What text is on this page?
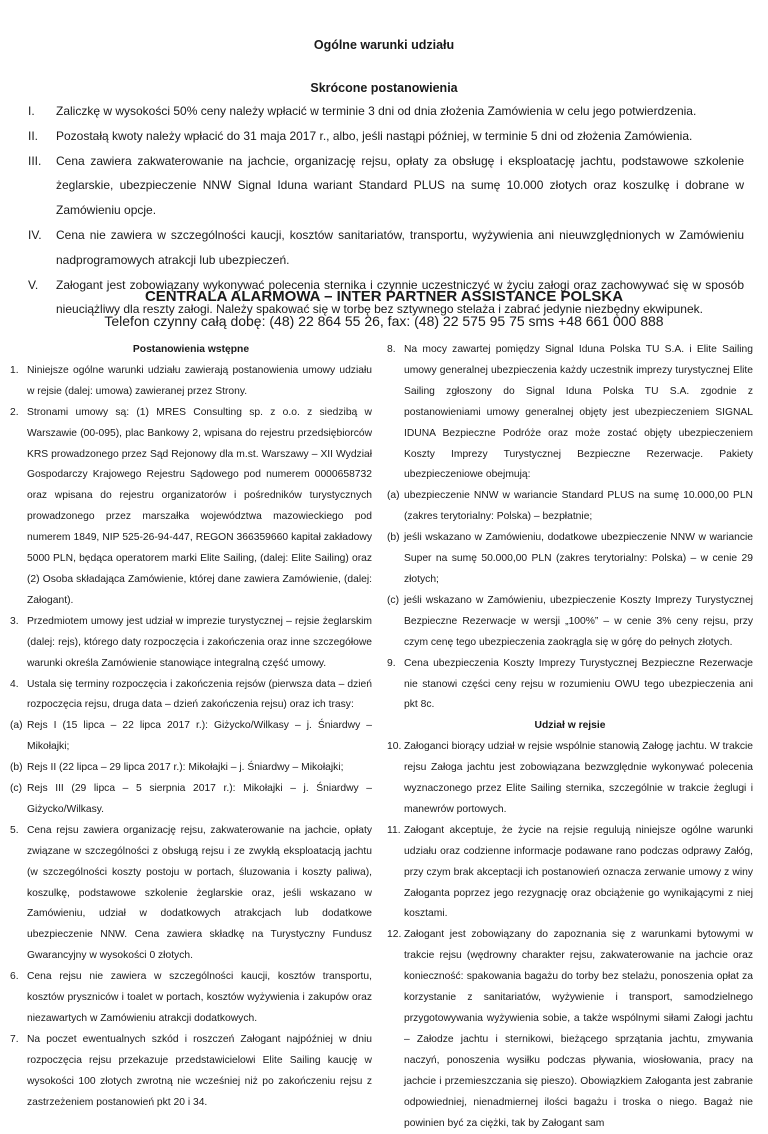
Ogólne warunki udziału
Skrócone postanowienia
I.	Zaliczkę w wysokości 50% ceny należy wpłacić w terminie 3 dni od dnia złożenia Zamówienia w celu jego potwierdzenia.
II.	Pozostałą kwoty należy wpłacić do 31 maja 2017 r., albo, jeśli nastąpi później, w terminie 5 dni od złożenia Zamówienia.
III.	Cena zawiera zakwaterowanie na jachcie, organizację rejsu, opłaty za obsługę i eksploatację jachtu, podstawowe szkolenie żeglarskie, ubezpieczenie NNW Signal Iduna wariant Standard PLUS na sumę 10.000 złotych oraz koszulkę i dobrane w Zamówieniu opcje.
IV.	Cena nie zawiera w szczególności kaucji, kosztów sanitariatów, transportu, wyżywienia ani nieuwzględnionych w Zamówieniu nadprogramowych atrakcji lub ubezpieczeń.
V.	Załogant jest zobowiązany wykonywać polecenia sternika i czynnie uczestniczyć w życiu załogi oraz zachowywać się w sposób nieuciążliwy dla reszty załogi. Należy spakować się w torbę bez sztywnego stelaża i zabrać jedynie niezbędny ekwipunek.
CENTRALA ALARMOWA – INTER PARTNER ASSISTANCE POLSKA
Telefon czynny całą dobę: (48) 22 864 55 26, fax: (48) 22 575 95 75 sms +48 661 000 888
Postanowienia wstępne
1. Niniejsze ogólne warunki udziału zawierają postanowienia umowy udziału w rejsie (dalej: umowa) zawieranej przez Strony.
2. Stronami umowy są: (1) MRES Consulting sp. z o.o. z siedzibą w Warszawie (00-095), plac Bankowy 2, wpisana do rejestru przedsiębiorców KRS prowadzonego przez Sąd Rejonowy dla m.st. Warszawy – XII Wydział Gospodarczy Krajowego Rejestru Sądowego pod numerem 0000658732 oraz wpisana do rejestru organizatorów i pośredników turystycznych prowadzonego przez marszałka województwa mazowieckiego pod numerem 1849, NIP 525-26-94-447, REGON 366359660 kapitał zakładowy 5000 PLN, będąca operatorem marki Elite Sailing, (dalej: Elite Sailing) oraz (2) Osoba składająca Zamówienie, której dane zawiera Zamówienie, (dalej: Załogant).
3. Przedmiotem umowy jest udział w imprezie turystycznej – rejsie żeglarskim (dalej: rejs), którego daty rozpoczęcia i zakończenia oraz inne szczegółowe warunki określa Zamówienie stanowiące integralną część umowy.
4. Ustala się terminy rozpoczęcia i zakończenia rejsów (pierwsza data – dzień rozpoczęcia rejsu, druga data – dzień zakończenia rejsu) oraz ich trasy:
(a) Rejs I (15 lipca – 22 lipca 2017 r.): Giżycko/Wilkasy – j. Śniardwy – Mikołajki;
(b) Rejs II (22 lipca – 29 lipca 2017 r.): Mikołajki – j. Śniardwy – Mikołajki;
(c) Rejs III (29 lipca – 5 sierpnia 2017 r.): Mikołajki – j. Śniardwy – Giżycko/Wilkasy.
5. Cena rejsu zawiera organizację rejsu, zakwaterowanie na jachcie, opłaty związane w szczególności z obsługą rejsu i ze zwykłą eksploatacją jachtu (w szczególności koszty postoju w portach, śluzowania i koszty paliwa), koszulkę, podstawowe szkolenie żeglarskie oraz, jeśli wskazano w Zamówieniu, udział w dodatkowych atrakcjach lub dodatkowe ubezpieczenie NNW. Cena zawiera składkę na Turystyczny Fundusz Gwarancyjny w wysokości 0 złotych.
6. Cena rejsu nie zawiera w szczególności kaucji, kosztów transportu, kosztów pryszniców i toalet w portach, kosztów wyżywienia i zakupów oraz niezawartych w Zamówieniu atrakcji dodatkowych.
7. Na poczet ewentualnych szkód i roszczeń Załogant najpóźniej w dniu rozpoczęcia rejsu przekazuje przedstawicielowi Elite Sailing kaucję w wysokości 100 złotych zwrotną nie wcześniej niż po zakończeniu rejsu z zastrzeżeniem postanowień pkt 20 i 34.
8. Na mocy zawartej pomiędzy Signal Iduna Polska TU S.A. i Elite Sailing umowy generalnej ubezpieczenia każdy uczestnik imprezy turystycznej Elite Sailing zgłoszony do Signal Iduna Polska TU S.A. zgodnie z postanowieniami umowy generalnej objęty jest ubezpieczeniem SIGNAL IDUNA Bezpieczne Podróże oraz może zostać objęty ubezpieczeniem Koszty Imprezy Turystycznej Bezpieczne Rezerwacje. Pakiety ubezpieczeniowe obejmują:
(a) ubezpieczenie NNW w wariancie Standard PLUS na sumę 10.000,00 PLN (zakres terytorialny: Polska) – bezpłatnie;
(b) jeśli wskazano w Zamówieniu, dodatkowe ubezpieczenie NNW w wariancie Super na sumę 50.000,00 PLN (zakres terytorialny: Polska) – w cenie 29 złotych;
(c) jeśli wskazano w Zamówieniu, ubezpieczenie Koszty Imprezy Turystycznej Bezpieczne Rezerwacje w wersji „100%” – w cenie 3% ceny rejsu, przy czym cenę tego ubezpieczenia zaokrągla się w górę do pełnych złotych.
9. Cena ubezpieczenia Koszty Imprezy Turystycznej Bezpieczne Rezerwacje nie stanowi części ceny rejsu w rozumieniu OWU tego ubezpieczenia ani pkt 8c.
Udział w rejsie
10. Załoganci biorący udział w rejsie wspólnie stanowią Załogę jachtu. W trakcie rejsu Załoga jachtu jest zobowiązana bezwzględnie wykonywać polecenia wyznaczonego przez Elite Sailing sternika, szczególnie w trakcie żeglugi i manewrów portowych.
11. Załogant akceptuje, że życie na rejsie regulują niniejsze ogólne warunki udziału oraz codzienne informacje podawane rano podczas odprawy Załóg, przy czym brak akceptacji ich postanowień oznacza zerwanie umowy z winy Załoganta poprzez jego rezygnację oraz obciążenie go wynikającymi z niej kosztami.
12. Załogant jest zobowiązany do zapoznania się z warunkami bytowymi w trakcie rejsu (wędrowny charakter rejsu, zakwaterowanie na jachcie oraz konieczność: spakowania bagażu do torby bez stelażu, ponoszenia opłat za korzystanie z sanitariatów, wyżywienie i transport, samodzielnego przygotowywania wyżywienia sobie, a także wspólnymi siłami Załogi jachtu – Załodze jachtu i sternikowi, bieżącego sprzątania jachtu, zmywania naczyń, ponoszenia wysiłku podczas pływania, wiosłowania, pracy na jachcie i przemieszczania się pieszo). Obowiązkiem Załoganta jest zabranie odpowiedniej, nienadmiernej ilości bagażu i troska o niego. Bagaż nie powinien być za ciężki, tak by Załogant sam
